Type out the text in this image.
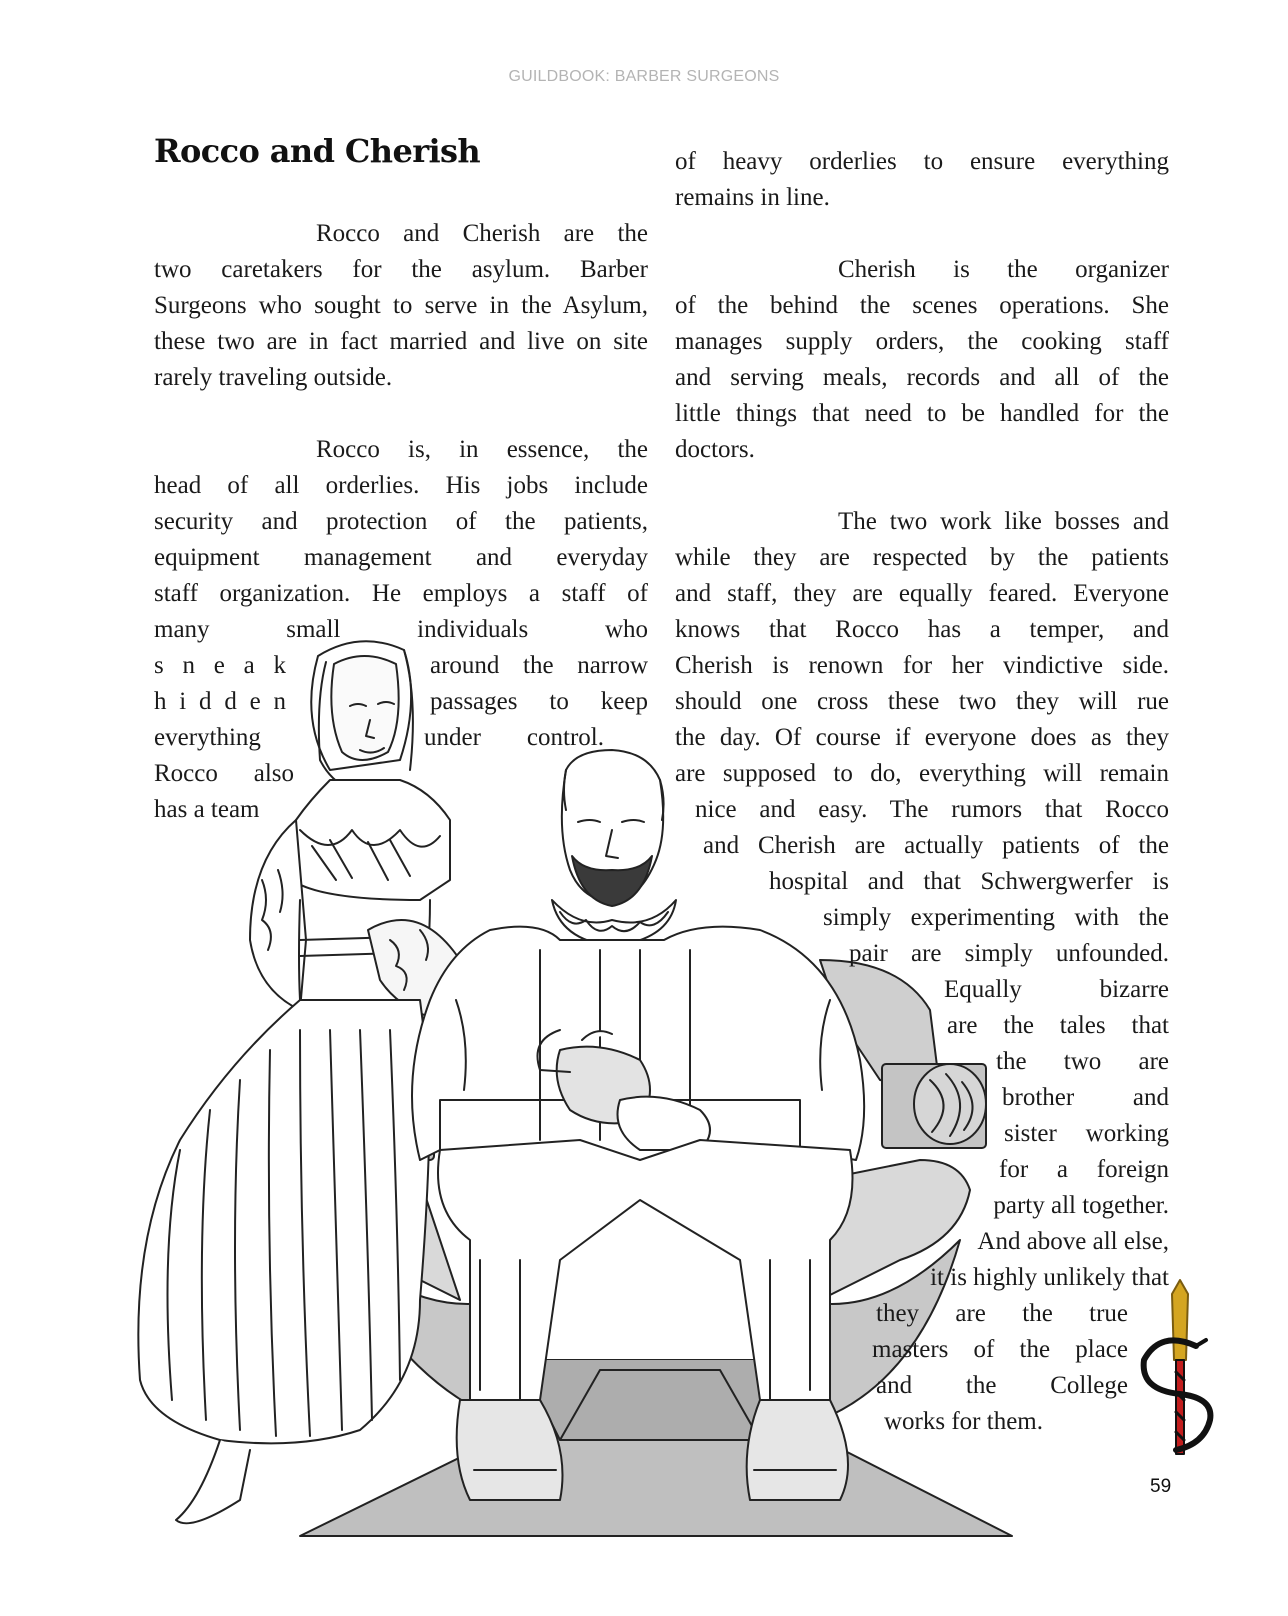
GUILDBOOK: BARBER SURGEONS
Rocco and Cherish
Rocco and Cherish are the
two caretakers for the asylum. Barber
Surgeons who sought to serve in the Asylum,
these two are in fact married and live on site
rarely traveling outside.
Rocco is, in essence, the
head of all orderlies. His jobs include
security and protection of the patients,
equipment management and everyday
staff organization. He employs a staff of
many small individuals who
s n e a k	around the narrow
h i d d e n	passages to keep
everything	under control.
Rocco also
has a team
of heavy orderlies to ensure everything
remains in line.
Cherish is the organizer
of the behind the scenes operations. She
manages supply orders, the cooking staff
and serving meals, records and all of the
little things that need to be handled for the
doctors.
The two work like bosses and
while they are respected by the patients
and staff, they are equally feared. Everyone
knows that Rocco has a temper, and
Cherish is renown for her vindictive side.
should one cross these two they will rue
the day. Of course if everyone does as they
are supposed to do, everything will remain
nice and easy. The rumors that Rocco
and Cherish are actually patients of the
hospital and that Schwergwerfer is
simply experimenting with the
pair are simply unfounded.
Equally bizarre
are the tales that
the two are
brother and
sister working
for a foreign
party all together.
And above all else,
it is highly unlikely that
they are the true
masters of the place
and the College
works for them.
59
